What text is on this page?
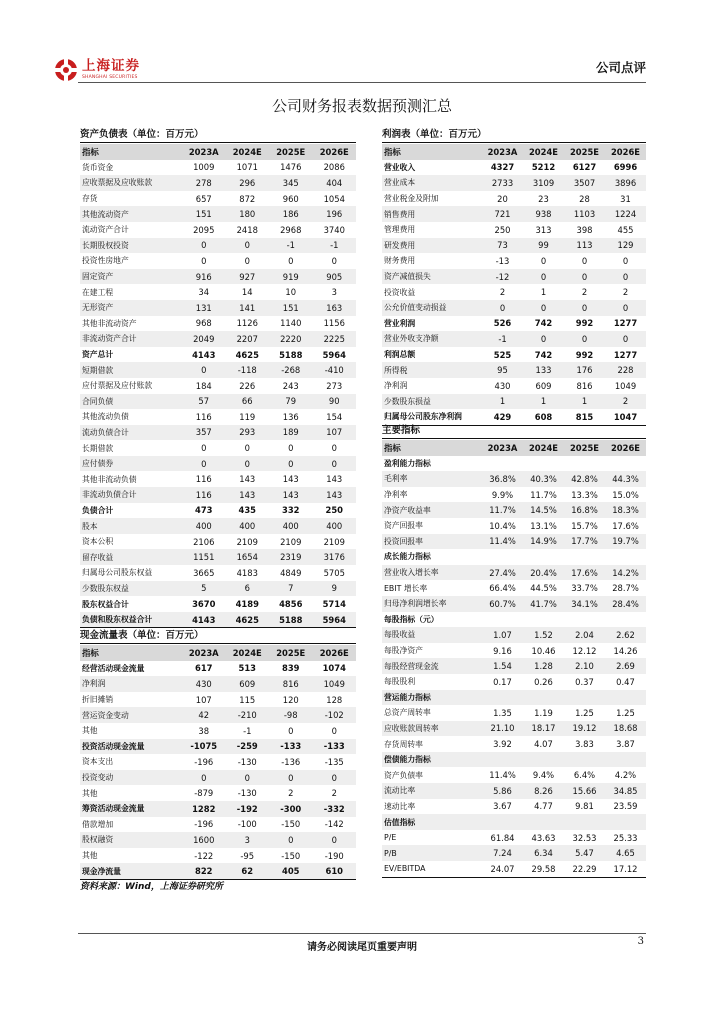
上海证券
SHANGHAI SECURITIES
公司点评
公司财务报表数据预测汇总
资产负债表（单位：百万元）
指标	2023A	2024E	2025E	2026E
货币资金	1009	1071	1476	2086
应收票据及应收账款	278	296	345	404
存货	657	872	960	1054
其他流动资产	151	180	186	196
流动资产合计	2095	2418	2968	3740
长期股权投资	0	0	-1	-1
投资性房地产	0	0	0	0
固定资产	916	927	919	905
在建工程	34	14	10	3
无形资产	131	141	151	163
其他非流动资产	968	1126	1140	1156
非流动资产合计	2049	2207	2220	2225
资产总计	4143	4625	5188	5964
短期借款	0	-118	-268	-410
应付票据及应付账款	184	226	243	273
合同负债	57	66	79	90
其他流动负债	116	119	136	154
流动负债合计	357	293	189	107
长期借款	0	0	0	0
应付债券	0	0	0	0
其他非流动负债	116	143	143	143
非流动负债合计	116	143	143	143
负债合计	473	435	332	250
股本	400	400	400	400
资本公积	2106	2109	2109	2109
留存收益	1151	1654	2319	3176
归属母公司股东权益	3665	4183	4849	5705
少数股东权益	5	6	7	9
股东权益合计	3670	4189	4856	5714
负债和股东权益合计	4143	4625	5188	5964
现金流量表（单位：百万元）
指标	2023A	2024E	2025E	2026E
经营活动现金流量	617	513	839	1074
净利润	430	609	816	1049
折旧摊销	107	115	120	128
营运资金变动	42	-210	-98	-102
其他	38	-1	0	0
投资活动现金流量	-1075	-259	-133	-133
资本支出	-196	-130	-136	-135
投资变动	0	0	0	0
其他	-879	-130	2	2
筹资活动现金流量	1282	-192	-300	-332
借款增加	-196	-100	-150	-142
股权融资	1600	3	0	0
其他	-122	-95	-150	-190
现金净流量	822	62	405	610
利润表（单位：百万元）
指标	2023A	2024E	2025E	2026E
营业收入	4327	5212	6127	6996
营业成本	2733	3109	3507	3896
营业税金及附加	20	23	28	31
销售费用	721	938	1103	1224
管理费用	250	313	398	455
研发费用	73	99	113	129
财务费用	-13	0	0	0
资产减值损失	-12	0	0	0
投资收益	2	1	2	2
公允价值变动损益	0	0	0	0
营业利润	526	742	992	1277
营业外收支净额	-1	0	0	0
利润总额	525	742	992	1277
所得税	95	133	176	228
净利润	430	609	816	1049
少数股东损益	1	1	1	2
归属母公司股东净利润	429	608	815	1047
主要指标
指标	2023A	2024E	2025E	2026E
盈利能力指标				
毛利率	36.8%	40.3%	42.8%	44.3%
净利率	9.9%	11.7%	13.3%	15.0%
净资产收益率	11.7%	14.5%	16.8%	18.3%
资产回报率	10.4%	13.1%	15.7%	17.6%
投资回报率	11.4%	14.9%	17.7%	19.7%
成长能力指标				
营业收入增长率	27.4%	20.4%	17.6%	14.2%
EBIT 增长率	66.4%	44.5%	33.7%	28.7%
归母净利润增长率	60.7%	41.7%	34.1%	28.4%
每股指标（元）				
每股收益	1.07	1.52	2.04	2.62
每股净资产	9.16	10.46	12.12	14.26
每股经营现金流	1.54	1.28	2.10	2.69
每股股利	0.17	0.26	0.37	0.47
营运能力指标				
总资产周转率	1.35	1.19	1.25	1.25
应收账款周转率	21.10	18.17	19.12	18.68
存货周转率	3.92	4.07	3.83	3.87
偿债能力指标				
资产负债率	11.4%	9.4%	6.4%	4.2%
流动比率	5.86	8.26	15.66	34.85
速动比率	3.67	4.77	9.81	23.59
估值指标				
P/E	61.84	43.63	32.53	25.33
P/B	7.24	6.34	5.47	4.65
EV/EBITDA	24.07	29.58	22.29	17.12
资料来源：Wind，上海证券研究所
请务必阅读尾页重要声明
3
